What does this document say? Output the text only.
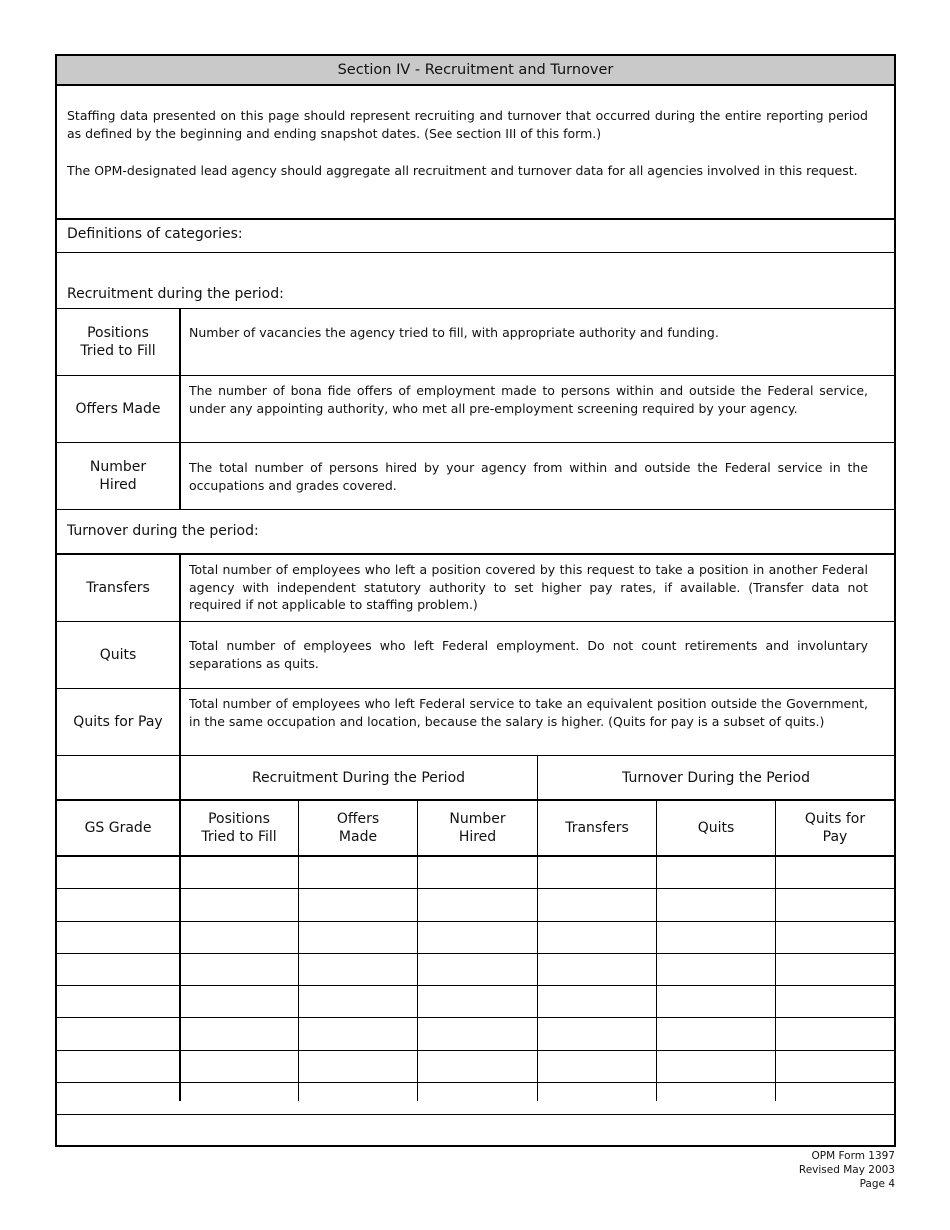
Section IV - Recruitment and Turnover
Staffing data presented on this page should represent recruiting and turnover that occurred during the entire reporting period as defined by the beginning and ending snapshot dates. (See section III of this form.)
The OPM-designated lead agency should aggregate all recruitment and turnover data for all agencies involved in this request.
Definitions of categories:
Recruitment during the period:
Positions
Tried to Fill
Number of vacancies the agency tried to fill, with appropriate authority and funding.
Offers Made
The number of bona fide offers of employment made to persons within and outside the Federal service, under any appointing authority, who met all pre-employment screening required by your agency.
Number
Hired
The total number of persons hired by your agency from within and outside the Federal service in the occupations and grades covered.
Turnover during the period:
Transfers
Total number of employees who left a position covered by this request to take a position in another Federal agency with independent statutory authority to set higher pay rates, if available. (Transfer data not required if not applicable to staffing problem.)
Quits
Total number of employees who left Federal employment. Do not count retirements and involuntary separations as quits.
Quits for Pay
Total number of employees who left Federal service to take an equivalent position outside the Government, in the same occupation and location, because the salary is higher. (Quits for pay is a subset of quits.)
Recruitment During the Period	Turnover During the Period
GS Grade
Positions
Tried to Fill
Offers
Made
Number
Hired
Transfers	Quits
Quits for
Pay
OPM Form 1397
Revised May 2003
Page 4
